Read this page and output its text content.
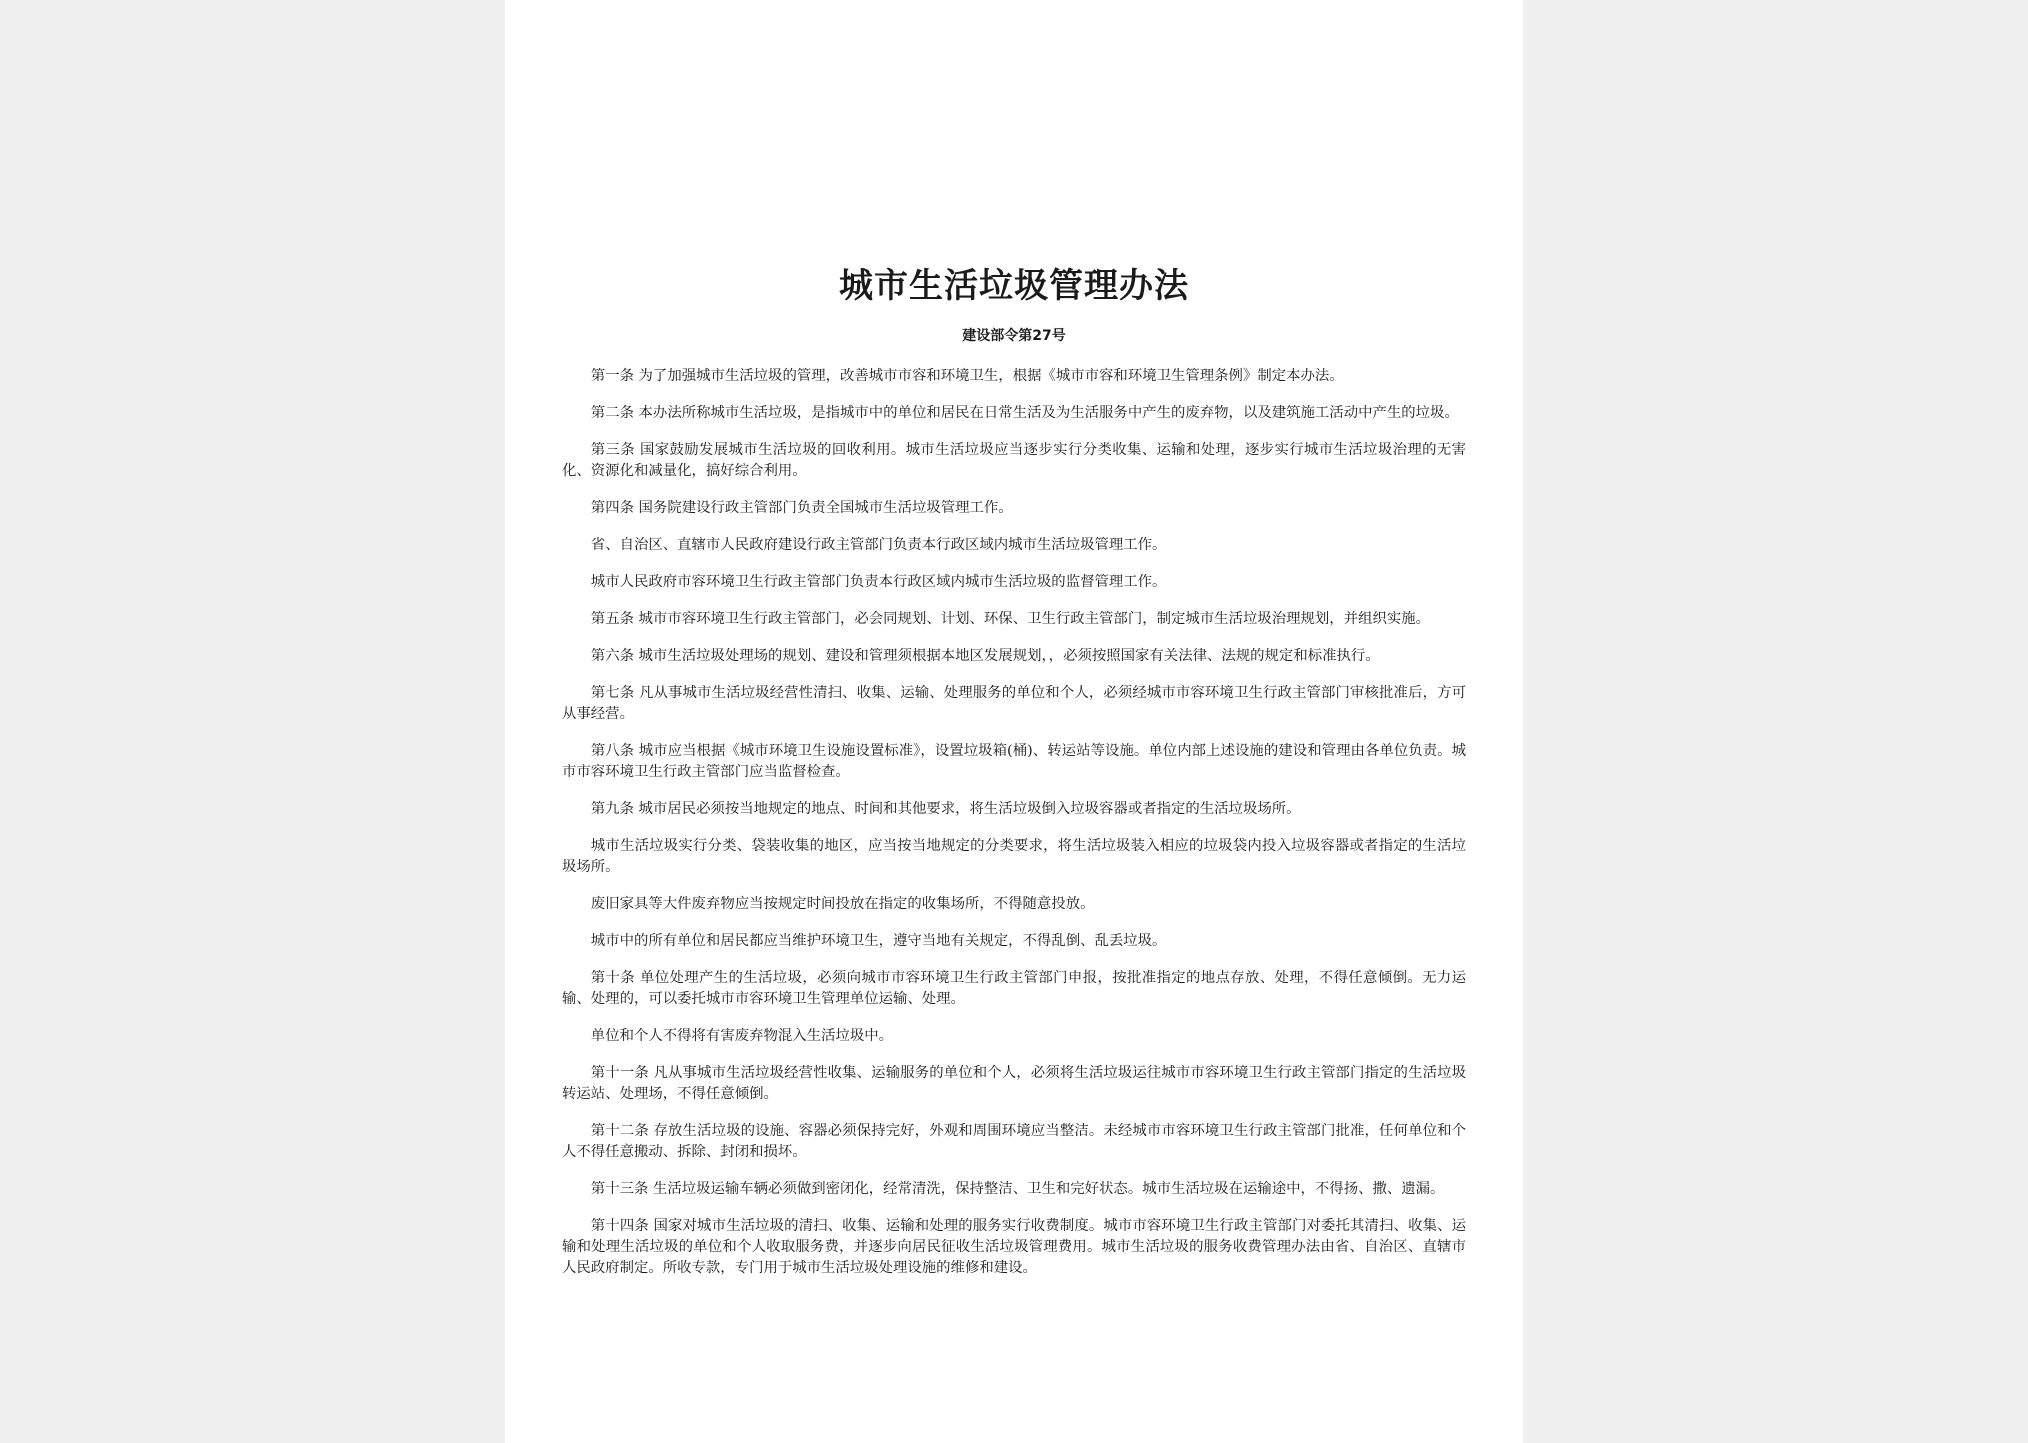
城市生活垃圾管理办法
建设部令第27号
第一条 为了加强城市生活垃圾的管理，改善城市市容和环境卫生，根据《城市市容和环境卫生管理条例》制定本办法。
第二条 本办法所称城市生活垃圾，是指城市中的单位和居民在日常生活及为生活服务中产生的废弃物，以及建筑施工活动中产生的垃圾。
第三条 国家鼓励发展城市生活垃圾的回收利用。城市生活垃圾应当逐步实行分类收集、运输和处理，逐步实行城市生活垃圾治理的无害化、资源化和减量化，搞好综合利用。
第四条 国务院建设行政主管部门负责全国城市生活垃圾管理工作。
省、自治区、直辖市人民政府建设行政主管部门负责本行政区域内城市生活垃圾管理工作。
城市人民政府市容环境卫生行政主管部门负责本行政区域内城市生活垃圾的监督管理工作。
第五条 城市市容环境卫生行政主管部门，必会同规划、计划、环保、卫生行政主管部门，制定城市生活垃圾治理规划，并组织实施。
第六条 城市生活垃圾处理场的规划、建设和管理须根据本地区发展规划，，必须按照国家有关法律、法规的规定和标准执行。
第七条 凡从事城市生活垃圾经营性清扫、收集、运输、处理服务的单位和个人，必须经城市市容环境卫生行政主管部门审核批准后，方可从事经营。
第八条 城市应当根据《城市环境卫生设施设置标准》，设置垃圾箱(桶)、转运站等设施。单位内部上述设施的建设和管理由各单位负责。城市市容环境卫生行政主管部门应当监督检查。
第九条 城市居民必须按当地规定的地点、时间和其他要求，将生活垃圾倒入垃圾容器或者指定的生活垃圾场所。
城市生活垃圾实行分类、袋装收集的地区，应当按当地规定的分类要求，将生活垃圾装入相应的垃圾袋内投入垃圾容器或者指定的生活垃圾场所。
废旧家具等大件废弃物应当按规定时间投放在指定的收集场所，不得随意投放。
城市中的所有单位和居民都应当维护环境卫生，遵守当地有关规定，不得乱倒、乱丢垃圾。
第十条 单位处理产生的生活垃圾，必须向城市市容环境卫生行政主管部门申报，按批准指定的地点存放、处理，不得任意倾倒。无力运输、处理的，可以委托城市市容环境卫生管理单位运输、处理。
单位和个人不得将有害废弃物混入生活垃圾中。
第十一条 凡从事城市生活垃圾经营性收集、运输服务的单位和个人，必须将生活垃圾运往城市市容环境卫生行政主管部门指定的生活垃圾转运站、处理场，不得任意倾倒。
第十二条 存放生活垃圾的设施、容器必须保持完好，外观和周围环境应当整洁。未经城市市容环境卫生行政主管部门批准，任何单位和个人不得任意搬动、拆除、封闭和损坏。
第十三条 生活垃圾运输车辆必须做到密闭化，经常清洗，保持整洁、卫生和完好状态。城市生活垃圾在运输途中，不得扬、撒、遗漏。
第十四条 国家对城市生活垃圾的清扫、收集、运输和处理的服务实行收费制度。城市市容环境卫生行政主管部门对委托其清扫、收集、运输和处理生活垃圾的单位和个人收取服务费，并逐步向居民征收生活垃圾管理费用。城市生活垃圾的服务收费管理办法由省、自治区、直辖市人民政府制定。所收专款，专门用于城市生活垃圾处理设施的维修和建设。
